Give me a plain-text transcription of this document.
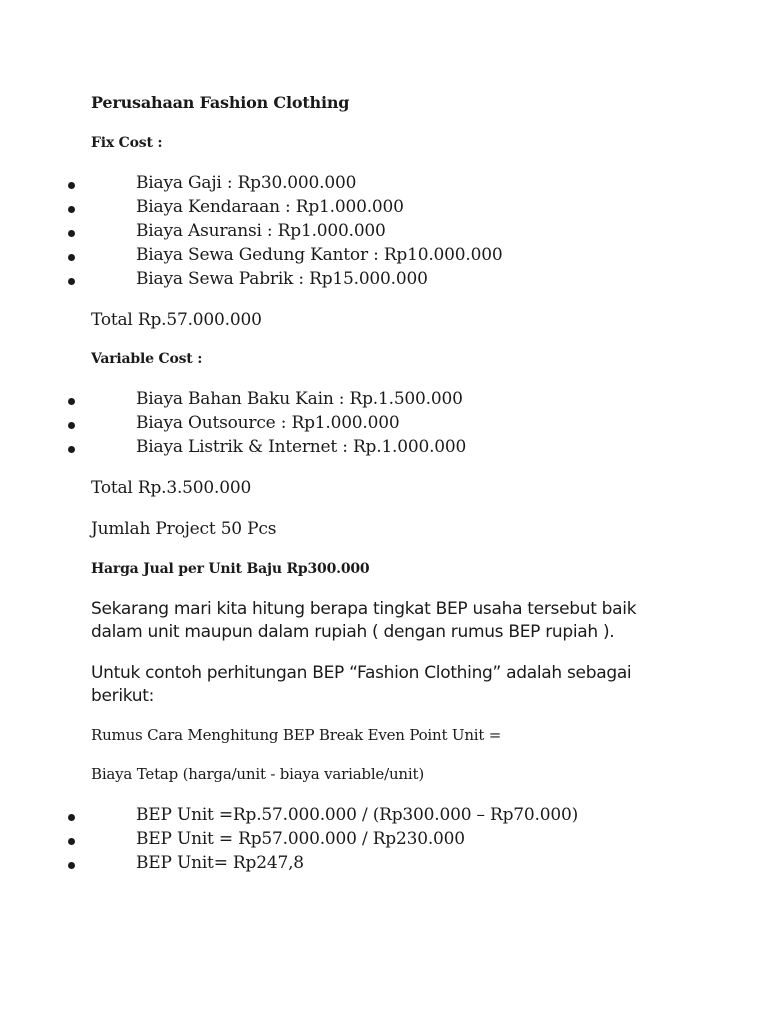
Perusahaan Fashion Clothing
Fix Cost :
Biaya Gaji : Rp30.000.000
Biaya Kendaraan : Rp1.000.000
Biaya Asuransi : Rp1.000.000
Biaya Sewa Gedung Kantor : Rp10.000.000
Biaya Sewa Pabrik : Rp15.000.000
Total Rp.57.000.000
Variable Cost :
Biaya Bahan Baku Kain : Rp.1.500.000
Biaya Outsource : Rp1.000.000
Biaya Listrik & Internet : Rp.1.000.000
Total Rp.3.500.000
Jumlah Project 50 Pcs
Harga Jual per Unit Baju Rp300.000
Sekarang mari kita hitung berapa tingkat BEP usaha tersebut baik dalam unit maupun dalam rupiah ( dengan rumus BEP rupiah ).
Untuk contoh perhitungan BEP “Fashion Clothing” adalah sebagai berikut:
Rumus Cara Menghitung BEP Break Even Point Unit =
Biaya Tetap (harga/unit - biaya variable/unit)
BEP Unit =Rp.57.000.000 / (Rp300.000 – Rp70.000)
BEP Unit = Rp57.000.000 / Rp230.000
BEP Unit= Rp247,8
